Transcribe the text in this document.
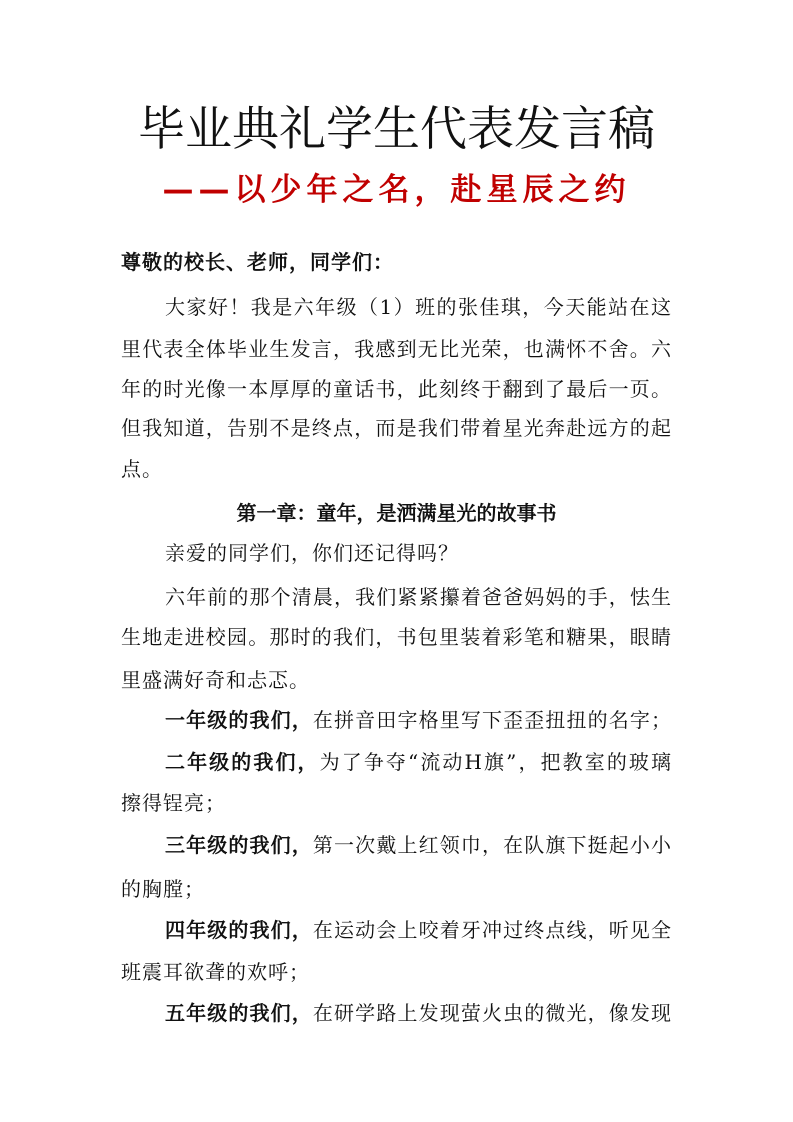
毕业典礼学生代表发言稿
——以少年之名，赴星辰之约
尊敬的校长、老师，同学们：
大家好！我是六年级（1）班的张佳琪，今天能站在这
里代表全体毕业生发言，我感到无比光荣，也满怀不舍。六
年的时光像一本厚厚的童话书，此刻终于翻到了最后一页。
但我知道，告别不是终点，而是我们带着星光奔赴远方的起
点。
第一章：童年，是洒满星光的故事书
亲爱的同学们，你们还记得吗？
六年前的那个清晨，我们紧紧攥着爸爸妈妈的手，怯生
生地走进校园。那时的我们，书包里装着彩笔和糖果，眼睛
里盛满好奇和忐忑。
一年级的我们，在拼音田字格里写下歪歪扭扭的名字；
二年级的我们，为了争夺“流动H旗”，把教室的玻璃
擦得锃亮；
三年级的我们，第一次戴上红领巾，在队旗下挺起小小
的胸膛；
四年级的我们，在运动会上咬着牙冲过终点线，听见全
班震耳欲聋的欢呼；
五年级的我们，在研学路上发现萤火虫的微光，像发现
